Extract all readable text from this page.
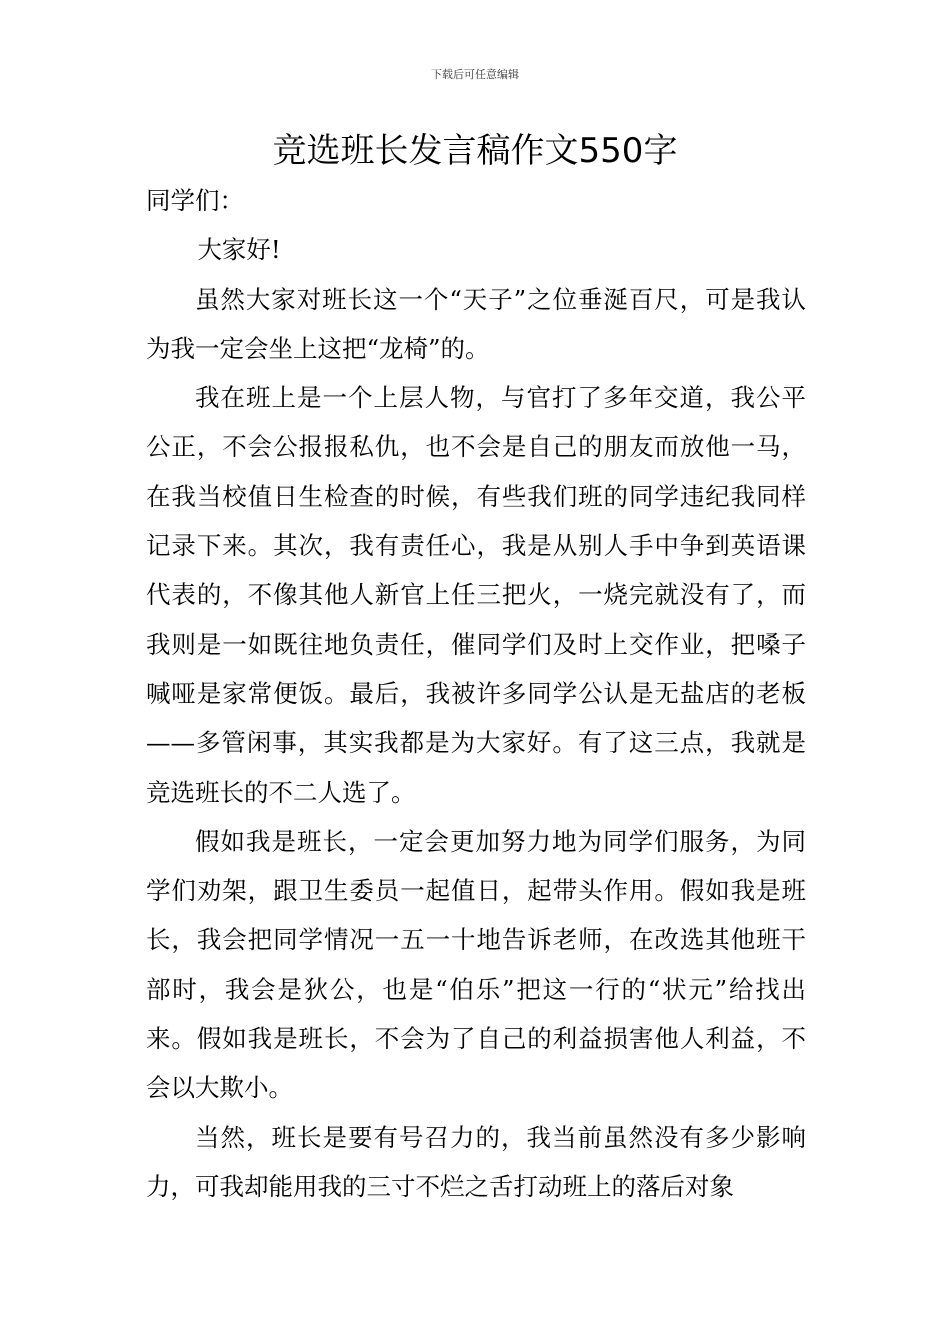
下载后可任意编辑
竞选班长发言稿作文550字

同学们：

大家好!

虽然大家对班长这一个“天子”之位垂涎百尺，可是我认为我一定会坐上这把“龙椅”的。

我在班上是一个上层人物，与官打了多年交道，我公平公正，不会公报报私仇，也不会是自己的朋友而放他一马，在我当校值日生检查的时候，有些我们班的同学违纪我同样记录下来。其次，我有责任心，我是从别人手中争到英语课代表的，不像其他人新官上任三把火，一烧完就没有了，而我则是一如既往地负责任，催同学们及时上交作业，把嗓子喊哑是家常便饭。最后，我被许多同学公认是无盐店的老板——多管闲事，其实我都是为大家好。有了这三点，我就是竞选班长的不二人选了。

假如我是班长，一定会更加努力地为同学们服务，为同学们劝架，跟卫生委员一起值日，起带头作用。假如我是班长，我会把同学情况一五一十地告诉老师，在改选其他班干部时，我会是狄公，也是“伯乐”把这一行的“状元”给找出来。假如我是班长，不会为了自己的利益损害他人利益，不会以大欺小。

当然，班长是要有号召力的，我当前虽然没有多少影响力，可我却能用我的三寸不烂之舌打动班上的落后对象
